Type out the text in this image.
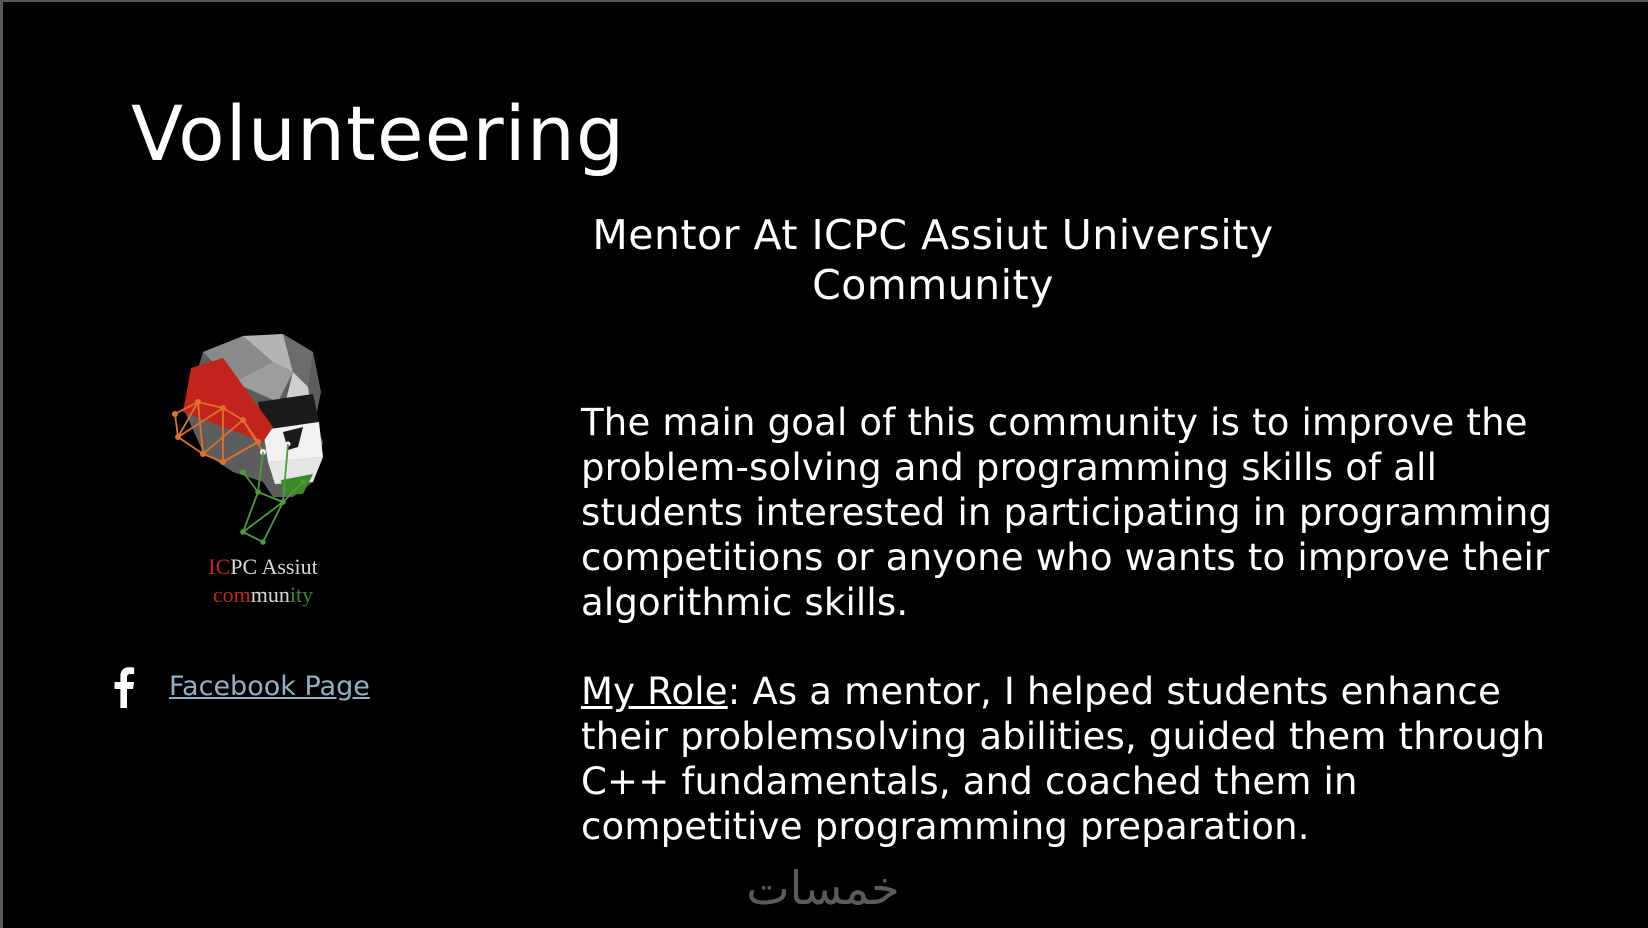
Volunteering
Mentor At ICPC Assiut University
Community
ICPC Assiut
community
Facebook Page
The main goal of this community is to improve the
problem-solving and programming skills of all
students interested in participating in programming
competitions or anyone who wants to improve their
algorithmic skills.
My Role: As a mentor, I helped students enhance
their problemsolving abilities, guided them through
C++ fundamentals, and coached them in
competitive programming preparation.
خمسات
